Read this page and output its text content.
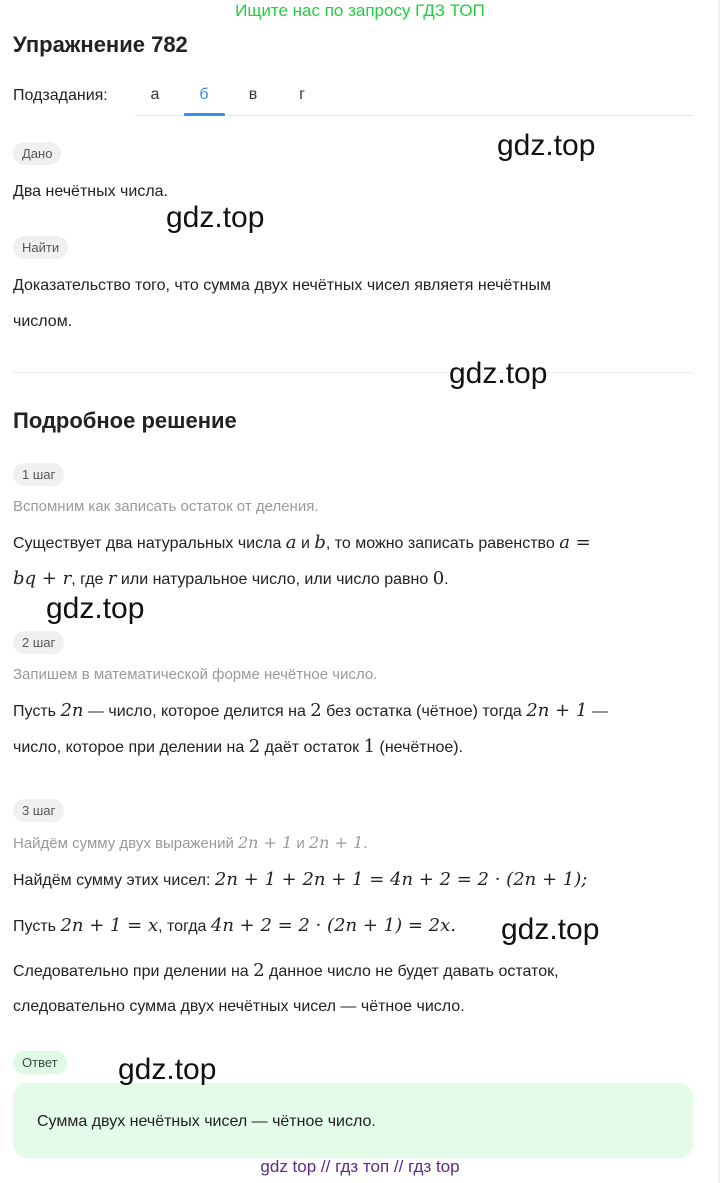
Ищите нас по запросу ГДЗ ТОП
Упражнение 782
Подзадания:	а	б	в	г
Дано
Два нечётных числа.
Найти
Доказательство того, что сумма двух нечётных чисел являетя нечётным
числом.
Подробное решение
1 шаг
Вспомним как записать остаток от деления.
Существует два натуральных числа a и b, то можно записать равенство a =
bq + r, где r или натуральное число, или число равно 0.
2 шаг
Запишем в математической форме нечётное число.
Пусть 2n — число, которое делится на 2 без остатка (чётное) тогда 2n + 1 —
число, которое при делении на 2 даёт остаток 1 (нечётное).
3 шаг
Найдём сумму двух выражений 2n + 1 и 2n + 1.
Найдём сумму этих чисел: 2n + 1 + 2n + 1 = 4n + 2 = 2 · (2n + 1);
Пусть 2n + 1 = x, тогда 4n + 2 = 2 · (2n + 1) = 2x.
Следовательно при делении на 2 данное число не будет давать остаток,
следовательно сумма двух нечётных чисел — чётное число.
Ответ
Сумма двух нечётных чисел — чётное число.
gdz.top
gdz.top
gdz.top
gdz.top
gdz.top
gdz.top
gdz top // гдз топ // гдз top
